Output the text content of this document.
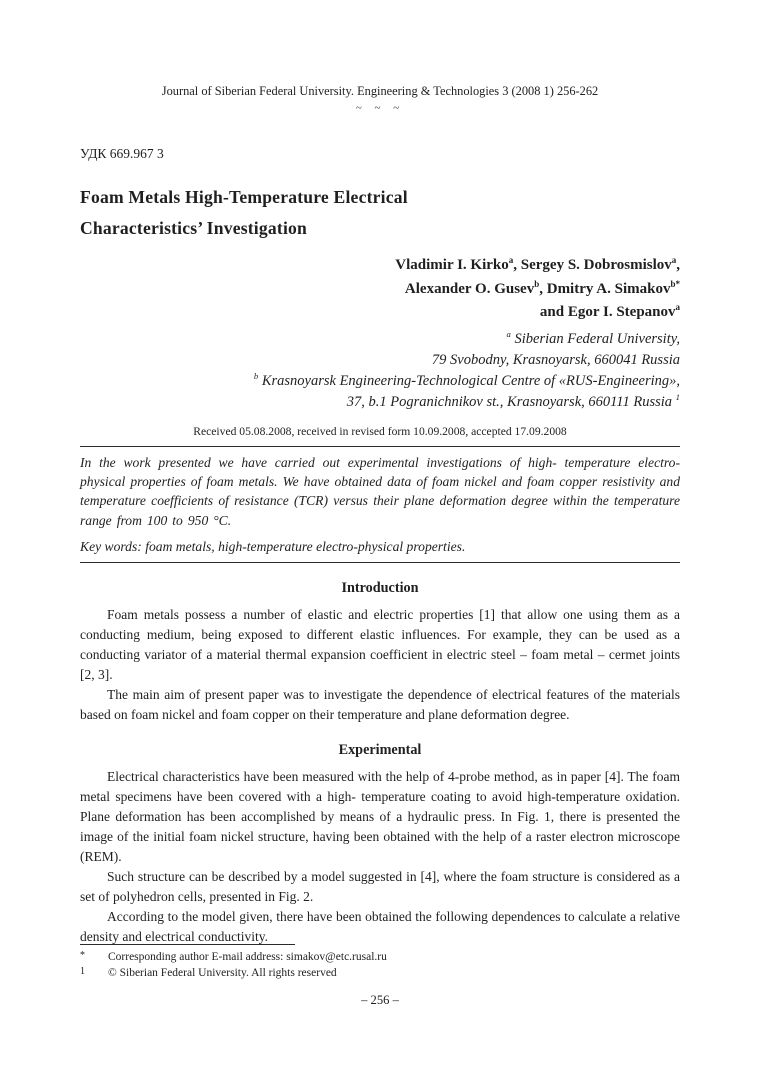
Journal of Siberian Federal University. Engineering & Technologies 3 (2008 1) 256-262
~ ~ ~
УДК 669.967 3
Foam Metals High-Temperature Electrical
Characteristics’ Investigation
Vladimir I. Kirko$^a$, Sergey S. Dobrosmislov$^a$,
Alexander O. Gusev$^b$, Dmitry A. Simakov$^{b*}$
and Egor I. Stepanov$^a$
$^a$ Siberian Federal University,
79 Svobodny, Krasnoyarsk, 660041 Russia
$^b$ Krasnoyarsk Engineering-Technological Centre of «RUS-Engineering»,
37, b.1 Pogranichnikov st., Krasnoyarsk, 660111 Russia $^1$
Received 05.08.2008, received in revised form 10.09.2008, accepted 17.09.2008
In the work presented we have carried out experimental investigations of high- temperature electro-physical properties of foam metals. We have obtained data of foam nickel and foam copper resistivity and temperature coefficients of resistance (TCR) versus their plane deformation degree within the temperature range from 100 to 950 °C.
Key words: foam metals, high-temperature electro-physical properties.
Introduction
Foam metals possess a number of elastic and electric properties [1] that allow one using them as a conducting medium, being exposed to different elastic influences. For example, they can be used as a conducting variator of a material thermal expansion coefficient in electric steel – foam metal – cermet joints [2, 3].
The main aim of present paper was to investigate the dependence of electrical features of the materials based on foam nickel and foam copper on their temperature and plane deformation degree.
Experimental
Electrical characteristics have been measured with the help of 4-probe method, as in paper [4]. The foam metal specimens have been covered with a high- temperature coating to avoid high-temperature oxidation. Plane deformation has been accomplished by means of a hydraulic press. In Fig. 1, there is presented the image of the initial foam nickel structure, having been obtained with the help of a raster electron microscope (REM).
Such structure can be described by a model suggested in [4], where the foam structure is considered as a set of polyhedron cells, presented in Fig. 2.
According to the model given, there have been obtained the following dependences to calculate a relative density and electrical conductivity.
*	Corresponding author E-mail address: simakov@etc.rusal.ru
1	© Siberian Federal University. All rights reserved
– 256 –
